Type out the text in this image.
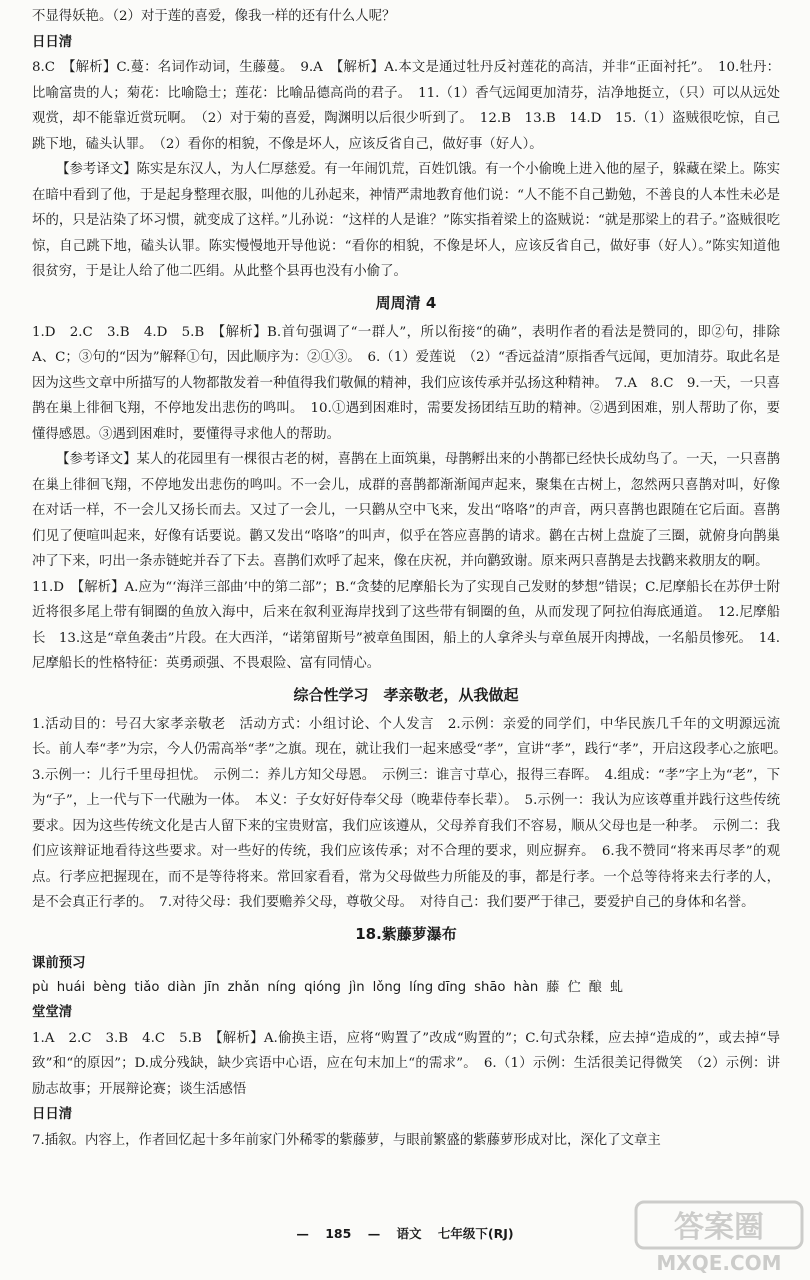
不显得妖艳。（2）对于莲的喜爱，像我一样的还有什么人呢？

日日清

8.C　【解析】C.蔓：名词作动词，生藤蔓。　9.A　【解析】A.本文是通过牡丹反衬莲花的高洁，并非“正面衬托”。　10.牡丹：比喻富贵的人；菊花：比喻隐士；莲花：比喻品德高尚的君子。　11.（1）香气远闻更加清芬，洁净地挺立，（只）可以从远处观赏，却不能靠近赏玩啊。　（2）对于菊的喜爱，陶渊明以后很少听到了。　12.B　13.B　14.D　15.（1）盗贼很吃惊，自己跳下地，磕头认罪。　（2）看你的相貌，不像是坏人，应该反省自己，做好事（好人）。

【参考译文】陈实是东汉人，为人仁厚慈爱。有一年闹饥荒，百姓饥饿。有一个小偷晚上进入他的屋子，躲藏在梁上。陈实在暗中看到了他，于是起身整理衣服，叫他的儿孙起来，神情严肃地教育他们说：“人不能不自己勤勉，不善良的人本性未必是坏的，只是沾染了坏习惯，就变成了这样。”儿孙说：“这样的人是谁？”陈实指着梁上的盗贼说：“就是那梁上的君子。”盗贼很吃惊，自己跳下地，磕头认罪。陈实慢慢地开导他说：“看你的相貌，不像是坏人，应该反省自己，做好事（好人）。”陈实知道他很贫穷，于是让人给了他二匹绢。从此整个县再也没有小偷了。

周周清 4

1.D　2.C　3.B　4.D　5.B　【解析】B.首句强调了“一群人”，所以衔接“的确”，表明作者的看法是赞同的，即②句，排除A、C；③句的“因为”解释①句，因此顺序为：②①③。　6.（1）爱莲说　（2）“香远益清”原指香气远闻，更加清芬。取此名是因为这些文章中所描写的人物都散发着一种值得我们敬佩的精神，我们应该传承并弘扬这种精神。　7.A　8.C　9.一天，一只喜鹊在巢上徘徊飞翔，不停地发出悲伤的鸣叫。　10.①遇到困难时，需要发扬团结互助的精神。②遇到困难，别人帮助了你，要懂得感恩。③遇到困难时，要懂得寻求他人的帮助。

【参考译文】某人的花园里有一棵很古老的树，喜鹊在上面筑巢，母鹊孵出来的小鹊都已经快长成幼鸟了。一天，一只喜鹊在巢上徘徊飞翔，不停地发出悲伤的鸣叫。不一会儿，成群的喜鹊都渐渐闻声起来，聚集在古树上，忽然两只喜鹊对叫，好像在对话一样，不一会儿又扬长而去。又过了一会儿，一只鹳从空中飞来，发出“咯咯”的声音，两只喜鹊也跟随在它后面。喜鹊们见了便喧叫起来，好像有话要说。鹳又发出“咯咯”的叫声，似乎在答应喜鹊的请求。鹳在古树上盘旋了三圈，就俯身向鹊巢冲了下来，叼出一条赤链蛇并吞了下去。喜鹊们欢呼了起来，像在庆祝，并向鹳致谢。原来两只喜鹊是去找鹳来救朋友的啊。

11.D　【解析】A.应为“‘海洋三部曲’中的第二部”；B.“贪婪的尼摩船长为了实现自己发财的梦想”错误；C.尼摩船长在苏伊士附近将很多尾上带有铜圈的鱼放入海中，后来在叙利亚海岸找到了这些带有铜圈的鱼，从而发现了阿拉伯海底通道。　12.尼摩船长　13.这是“章鱼袭击”片段。在大西洋，“诺第留斯号”被章鱼围困，船上的人拿斧头与章鱼展开肉搏战，一名船员惨死。　14.尼摩船长的性格特征：英勇顽强、不畏艰险、富有同情心。

综合性学习　孝亲敬老，从我做起

1.活动目的：号召大家孝亲敬老　活动方式：小组讨论、个人发言　2.示例：亲爱的同学们，中华民族几千年的文明源远流长。前人奉“孝”为宗，今人仍需高举“孝”之旗。现在，就让我们一起来感受“孝”，宣讲“孝”，践行“孝”，开启这段孝心之旅吧。　3.示例一：儿行千里母担忧。　示例二：养儿方知父母恩。　示例三：谁言寸草心，报得三春晖。　4.组成：“孝”字上为“老”，下为“子”，上一代与下一代融为一体。　本义：子女好好侍奉父母（晚辈侍奉长辈）。　5.示例一：我认为应该尊重并践行这些传统要求。因为这些传统文化是古人留下来的宝贵财富，我们应该遵从，父母养育我们不容易，顺从父母也是一种孝。　示例二：我们应该辩证地看待这些要求。对一些好的传统，我们应该传承；对不合理的要求，则应摒弃。　6.我不赞同“将来再尽孝”的观点。行孝应把握现在，而不是等待将来。常回家看看，常为父母做些力所能及的事，都是行孝。一个总等待将来去行孝的人，是不会真正行孝的。　7.对待父母：我们要赡养父母，尊敬父母。　对待自己：我们要严于律己，要爱护自己的身体和名誉。

18.紫藤萝瀑布

课前预习

pù huái bèng tiǎo diàn jīn zhǎn níng qióng jìn lǒng líng dīng shāo hàn 藤 伫 酿 虬

堂堂清

1.A　2.C　3.B　4.C　5.B　【解析】A.偷换主语，应将“购置了”改成“购置的”；C.句式杂糅，应去掉“造成的”，或去掉“导致”和“的原因”；D.成分残缺，缺少宾语中心语，应在句末加上“的需求”。　6.（1）示例：生活很美记得微笑　（2）示例：讲励志故事；开展辩论赛；谈生活感悟

日日清

7.插叙。内容上，作者回忆起十多年前家门外稀零的紫藤萝，与眼前繁盛的紫藤萝形成对比，深化了文章主

— 185 — 语文 七年级下(RJ)	答案圈
MXQE.COM
